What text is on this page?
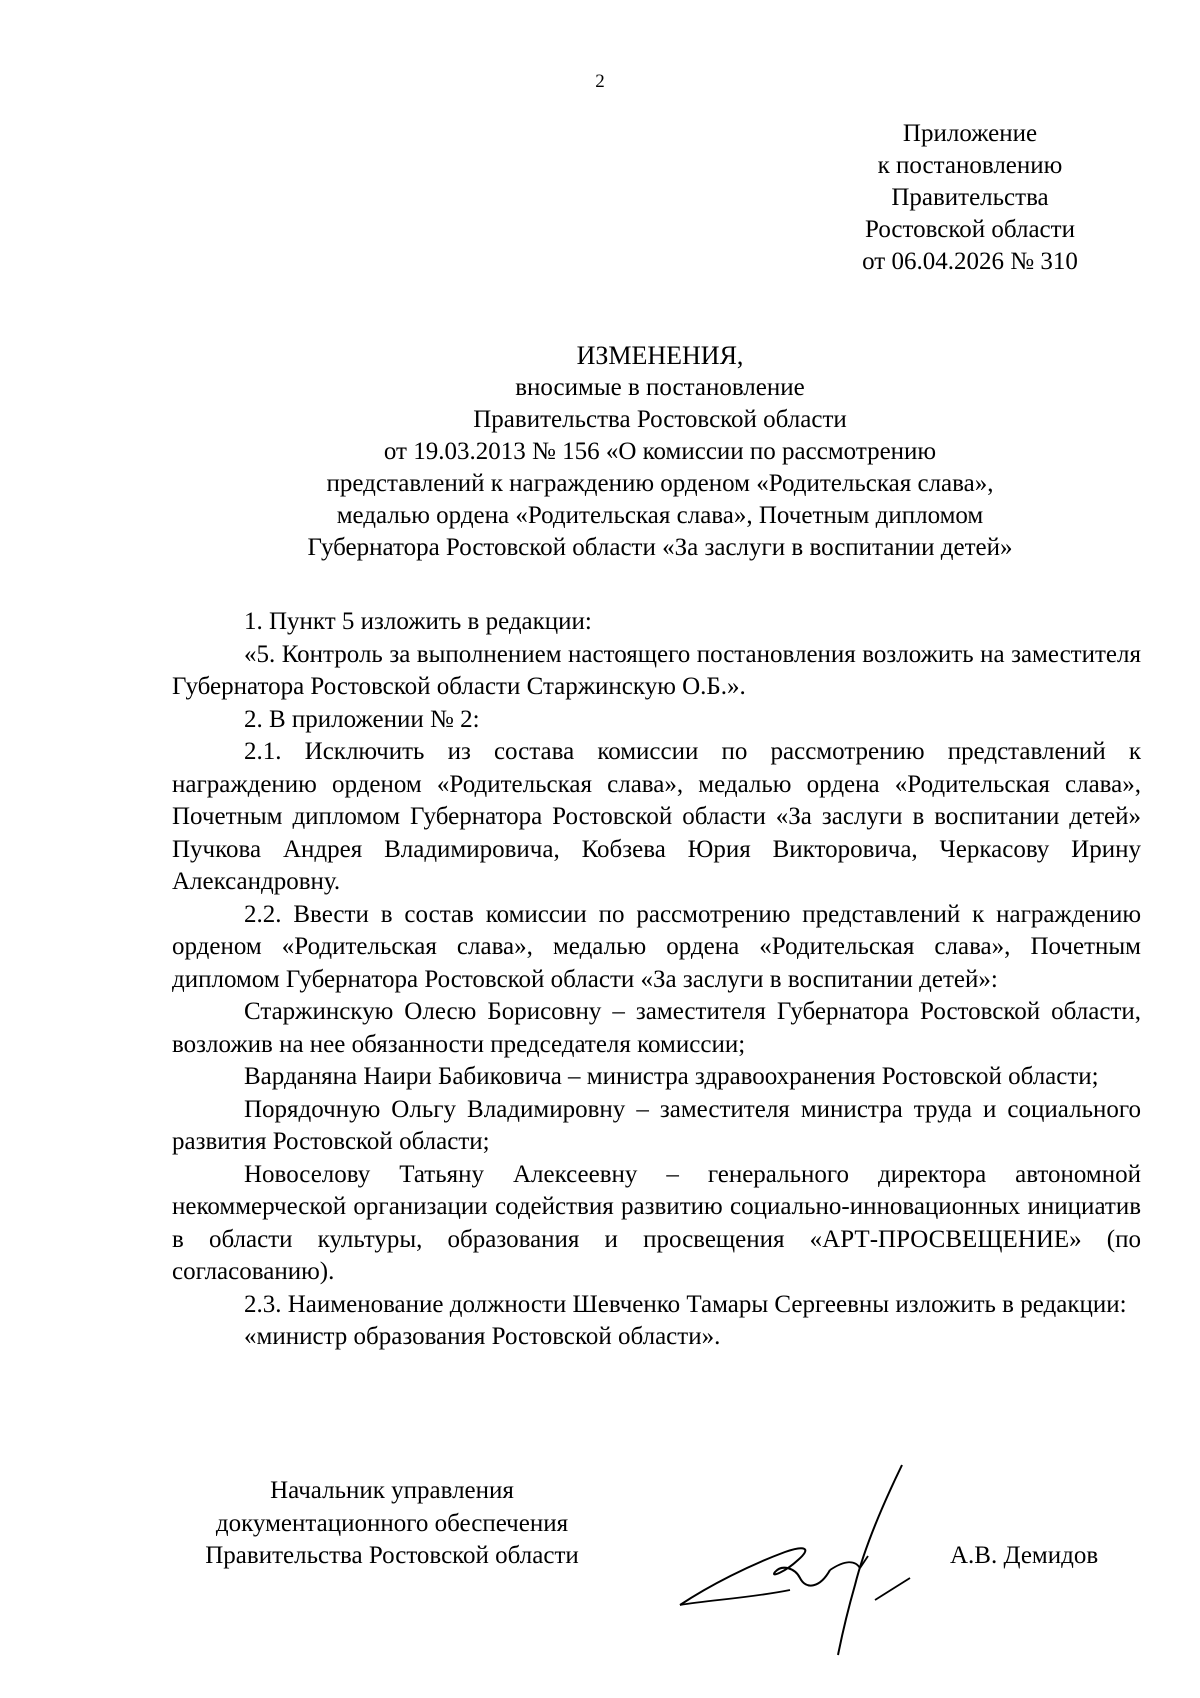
2
Приложение
к постановлению
Правительства
Ростовской области
от 06.04.2026 № 310
ИЗМЕНЕНИЯ,
вносимые в постановление
Правительства Ростовской области
от 19.03.2013 № 156 «О комиссии по рассмотрению
представлений к награждению орденом «Родительская слава»,
медалью ордена «Родительская слава», Почетным дипломом
Губернатора Ростовской области «За заслуги в воспитании детей»

1. Пункт 5 изложить в редакции:

«5. Контроль за выполнением настоящего постановления возложить на заместителя Губернатора Ростовской области Старжинскую О.Б.».

2. В приложении № 2:

2.1. Исключить из состава комиссии по рассмотрению представлений к награждению орденом «Родительская слава», медалью ордена «Родительская слава», Почетным дипломом Губернатора Ростовской области «За заслуги в воспитании детей» Пучкова Андрея Владимировича, Кобзева Юрия Викторовича, Черкасову Ирину Александровну.

2.2. Ввести в состав комиссии по рассмотрению представлений к награждению орденом «Родительская слава», медалью ордена «Родительская слава», Почетным дипломом Губернатора Ростовской области «За заслуги в воспитании детей»:

Старжинскую Олесю Борисовну – заместителя Губернатора Ростовской области, возложив на нее обязанности председателя комиссии;

Варданяна Наири Бабиковича – министра здравоохранения Ростовской области;

Порядочную Ольгу Владимировну – заместителя министра труда и социального развития Ростовской области;

Новоселову Татьяну Алексеевну – генерального директора автономной некоммерческой организации содействия развитию социально-инновационных инициатив в области культуры, образования и просвещения «АРТ-ПРОСВЕЩЕНИЕ» (по согласованию).

2.3. Наименование должности Шевченко Тамары Сергеевны изложить в редакции:

«министр образования Ростовской области».

Начальник управления
документационного обеспечения
Правительства Ростовской области	А.В. Демидов
